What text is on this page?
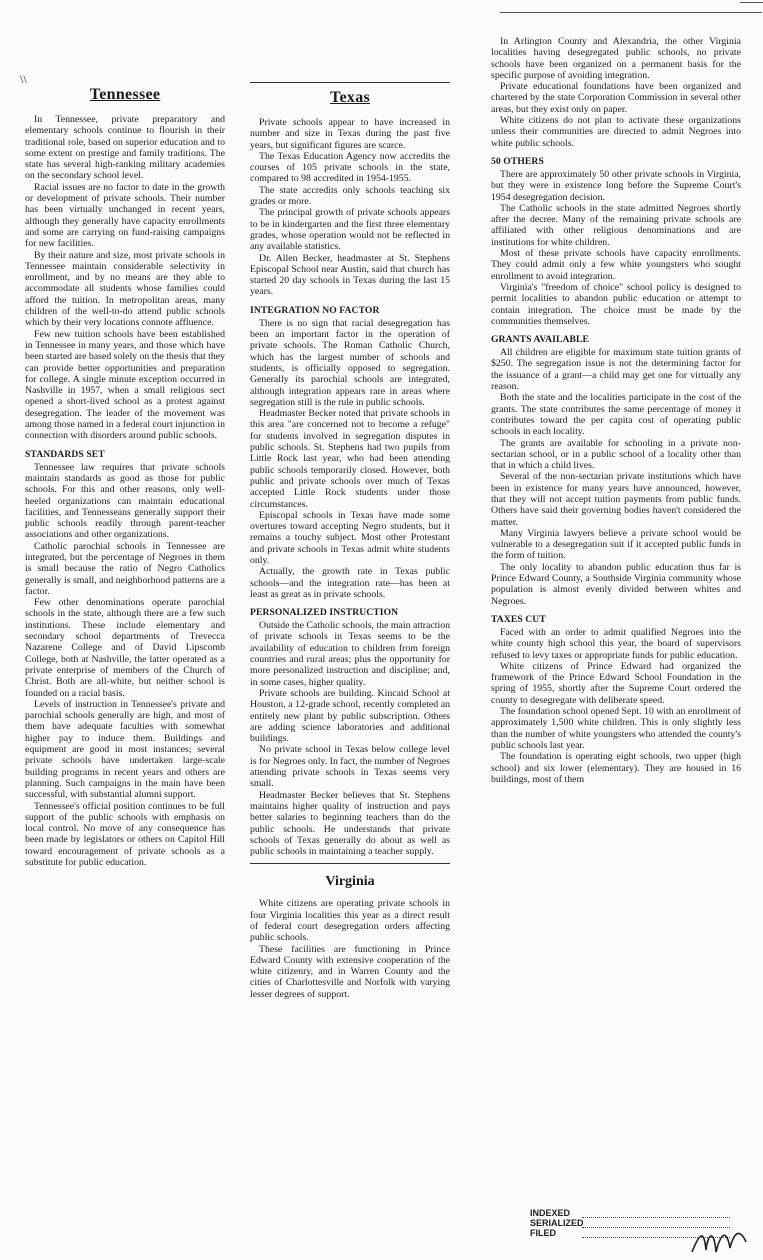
\\
Tennessee

In Tennessee, private preparatory and elementary schools continue to flourish in their traditional role, based on superior education and to some extent on prestige and family traditions. The state has several high-ranking military academies on the secondary school level.

Racial issues are no factor to date in the growth or development of private schools. Their number has been virtually unchanged in recent years, although they generally have capacity enrollments and some are carrying on fund-raising campaigns for new facilities.

By their nature and size, most private schools in Tennessee maintain considerable selectivity in enrollment, and by no means are they able to accommodate all students whose families could afford the tuition. In metropolitan areas, many children of the well-to-do attend public schools which by their very locations connote affluence.

Few new tuition schools have been established in Tennessee in many years, and those which have been started are based solely on the thesis that they can provide better opportunities and preparation for college. A single minute exception occurred in Nashville in 1957, when a small religious sect opened a short-lived school as a protest against desegregation. The leader of the movement was among those named in a federal court injunction in connection with disorders around public schools.

STANDARDS SET

Tennessee law requires that private schools maintain standards as good as those for public schools. For this and other reasons, only well-heeled organizations can maintain educational facilities, and Tennesseans generally support their public schools readily through parent-teacher associations and other organizations.

Catholic parochial schools in Tennessee are integrated, but the percentage of Negroes in them is small because the ratio of Negro Catholics generally is small, and neighborhood patterns are a factor.

Few other denominations operate parochial schools in the state, although there are a few such institutions. These include elementary and secondary school departments of Trevecca Nazarene College and of David Lipscomb College, both at Nashville, the latter operated as a private enterprise of members of the Church of Christ. Both are all-white, but neither school is founded on a racial basis.

Levels of instruction in Tennessee's private and parochial schools generally are high, and most of them have adequate faculties with somewhat higher pay to induce them. Buildings and equipment are good in most instances; several private schools have undertaken large-scale building programs in recent years and others are planning. Such campaigns in the main have been successful, with substantial alumni support.

Tennessee's official position continues to be full support of the public schools with emphasis on local control. No move of any consequence has been made by legislators or others on Capitol Hill toward encouragement of private schools as a substitute for public education.

Texas

Private schools appear to have increased in number and size in Texas during the past five years, but significant figures are scarce.

The Texas Education Agency now accredits the courses of 105 private schools in the state, compared to 98 accredited in 1954-1955.

The state accredits only schools teaching six grades or more.

The principal growth of private schools appears to be in kindergarten and the first three elementary grades, whose operation would not be reflected in any available statistics.

Dr. Allen Becker, headmaster at St. Stephens Episcopal School near Austin, said that church has started 20 day schools in Texas during the last 15 years.

INTEGRATION NO FACTOR

There is no sign that racial desegregation has been an important factor in the operation of private schools. The Roman Catholic Church, which has the largest number of schools and students, is officially opposed to segregation. Generally its parochial schools are integrated, although integration appears rare in areas where segregation still is the rule in public schools.

Headmaster Becker noted that private schools in this area "are concerned not to become a refuge" for students involved in segregation disputes in public schools. St. Stephens had two pupils from Little Rock last year, who had been attending public schools temporarily closed. However, both public and private schools over much of Texas accepted Little Rock students under those circumstances.

Episcopal schools in Texas have made some overtures toward accepting Negro students, but it remains a touchy subject. Most other Protestant and private schools in Texas admit white students only.

Actually, the growth rate in Texas public schools—and the integration rate—has been at least as great as in private schools.

PERSONALIZED INSTRUCTION

Outside the Catholic schools, the main attraction of private schools in Texas seems to be the availability of education to children from foreign countries and rural areas; plus the opportunity for more personalized instruction and discipline; and, in some cases, higher quality.

Private schools are building. Kincaid School at Houston, a 12-grade school, recently completed an entirely new plant by public subscription. Others are adding science laboratories and additional buildings.

No private school in Texas below college level is for Negroes only. In fact, the number of Negroes attending private schools in Texas seems very small.

Headmaster Becker believes that St. Stephens maintains higher quality of instruction and pays better salaries to beginning teachers than do the public schools. He understands that private schools of Texas generally do about as well as public schools in maintaining a teacher supply.

Virginia

White citizens are operating private schools in four Virginia localities this year as a direct result of federal court desegregation orders affecting public schools.

These facilities are functioning in Prince Edward County with extensive cooperation of the white citizenry, and in Warren County and the cities of Charlottesville and Norfolk with varying lesser degrees of support.

In Arlington County and Alexandria, the other Virginia localities having desegregated public schools, no private schools have been organized on a permanent basis for the specific purpose of avoiding integration.

Private educational foundations have been organized and chartered by the state Corporation Commission in several other areas, but they exist only on paper.

White citizens do not plan to activate these organizations unless their communities are directed to admit Negroes into white public schools.

50 OTHERS

There are approximately 50 other private schools in Virginia, but they were in existence long before the Supreme Court's 1954 desegregation decision.

The Catholic schools in the state admitted Negroes shortly after the decree. Many of the remaining private schools are affiliated with other religious denominations and are institutions for white children.

Most of these private schools have capacity enrollments. They could admit only a few white youngsters who sought enrollment to avoid integration.

Virginia's "freedom of choice" school policy is designed to permit localities to abandon public education or attempt to contain integration. The choice must be made by the communities themselves.

GRANTS AVAILABLE

All children are eligible for maximum state tuition grants of $250. The segregation issue is not the determining factor for the issuance of a grant—a child may get one for virtually any reason.

Both the state and the localities participate in the cost of the grants. The state contributes the same percentage of money it contributes toward the per capita cost of operating public schools in each locality.

The grants are available for schooling in a private non-sectarian school, or in a public school of a locality other than that in which a child lives.

Several of the non-sectarian private institutions which have been in existence for many years have announced, however, that they will not accept tuition payments from public funds. Others have said their governing bodies haven't considered the matter.

Many Virginia lawyers believe a private school would be vulnerable to a desegregation suit if it accepted public funds in the form of tuition.

The only locality to abandon public education thus far is Prince Edward County, a Southside Virginia community whose population is almost evenly divided between whites and Negroes.

TAXES CUT

Faced with an order to admit qualified Negroes into the white county high school this year, the board of supervisors refused to levy taxes or appropriate funds for public education.

White citizens of Prince Edward had organized the framework of the Prince Edward School Foundation in the spring of 1955, shortly after the Supreme Court ordered the county to desegregate with deliberate speed.

The foundation school opened Sept. 10 with an enrollment of approximately 1,500 white children. This is only slightly less than the number of white youngsters who attended the county's public schools last year.

The foundation is operating eight schools, two upper (high school) and six lower (elementary). They are housed in 16 buildings, most of them

INDEXED
SERIALIZED
FILED
